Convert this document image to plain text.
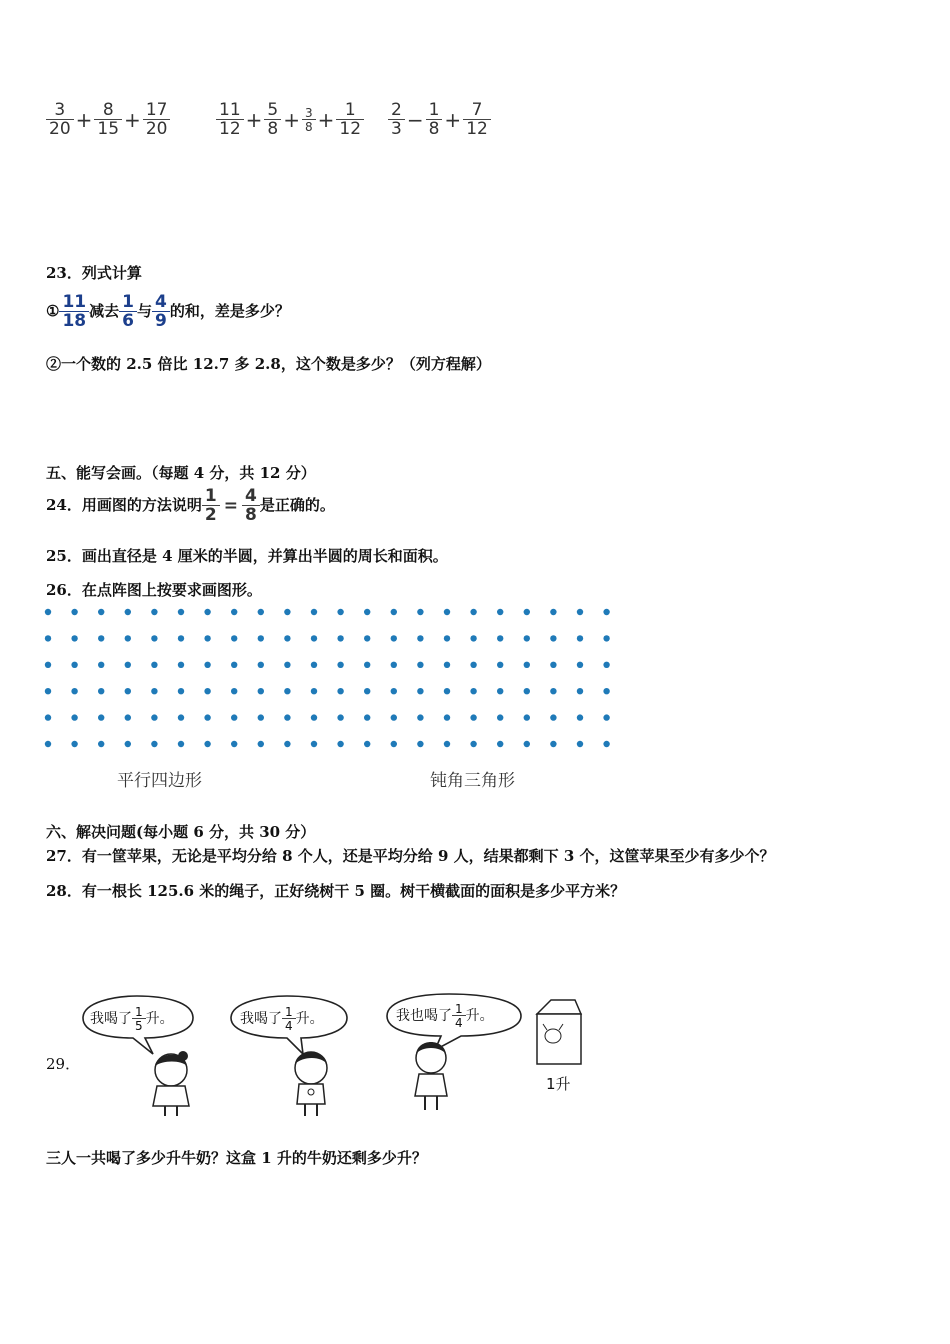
$\frac{3}{20} + \frac{8}{15} + \frac{17}{20}$	$\frac{11}{12} + \frac{5}{8} + \frac{3}{8} + \frac{1}{12} \frac{2}{3} - \frac{1}{8} + \frac{7}{12}$
23．列式计算
① $\frac{11}{18}$ 减去 $\frac{1}{6}$ 与 $\frac{4}{9}$ 的和，差是多少？
②一个数的 2.5 倍比 12.7 多 2.8，这个数是多少？（列方程解）
五、能写会画。（每题 4 分，共 12 分）
24．用画图的方法说明 $\frac{1}{2} = \frac{4}{8}$ 是正确的。
25．画出直径是 4 厘米的半圆，并算出半圆的周长和面积。
26．在点阵图上按要求画图形。
平行四边形	钝角三角形
六、解决问题(每小题 6 分，共 30 分）
27．有一筐苹果，无论是平均分给 8 个人，还是平均分给 9 人，结果都剩下 3 个，这筐苹果至少有多少个？
28．有一根长 125.6 米的绳子，正好绕树干 5 圈。树干横截面的面积是多少平方米？
29．
我喝了 $\frac{1}{5}$ 升。	我喝了 $\frac{1}{4}$ 升。	我也喝了 $\frac{1}{4}$ 升。
1升
三人一共喝了多少升牛奶？这盒 1 升的牛奶还剩多少升？
